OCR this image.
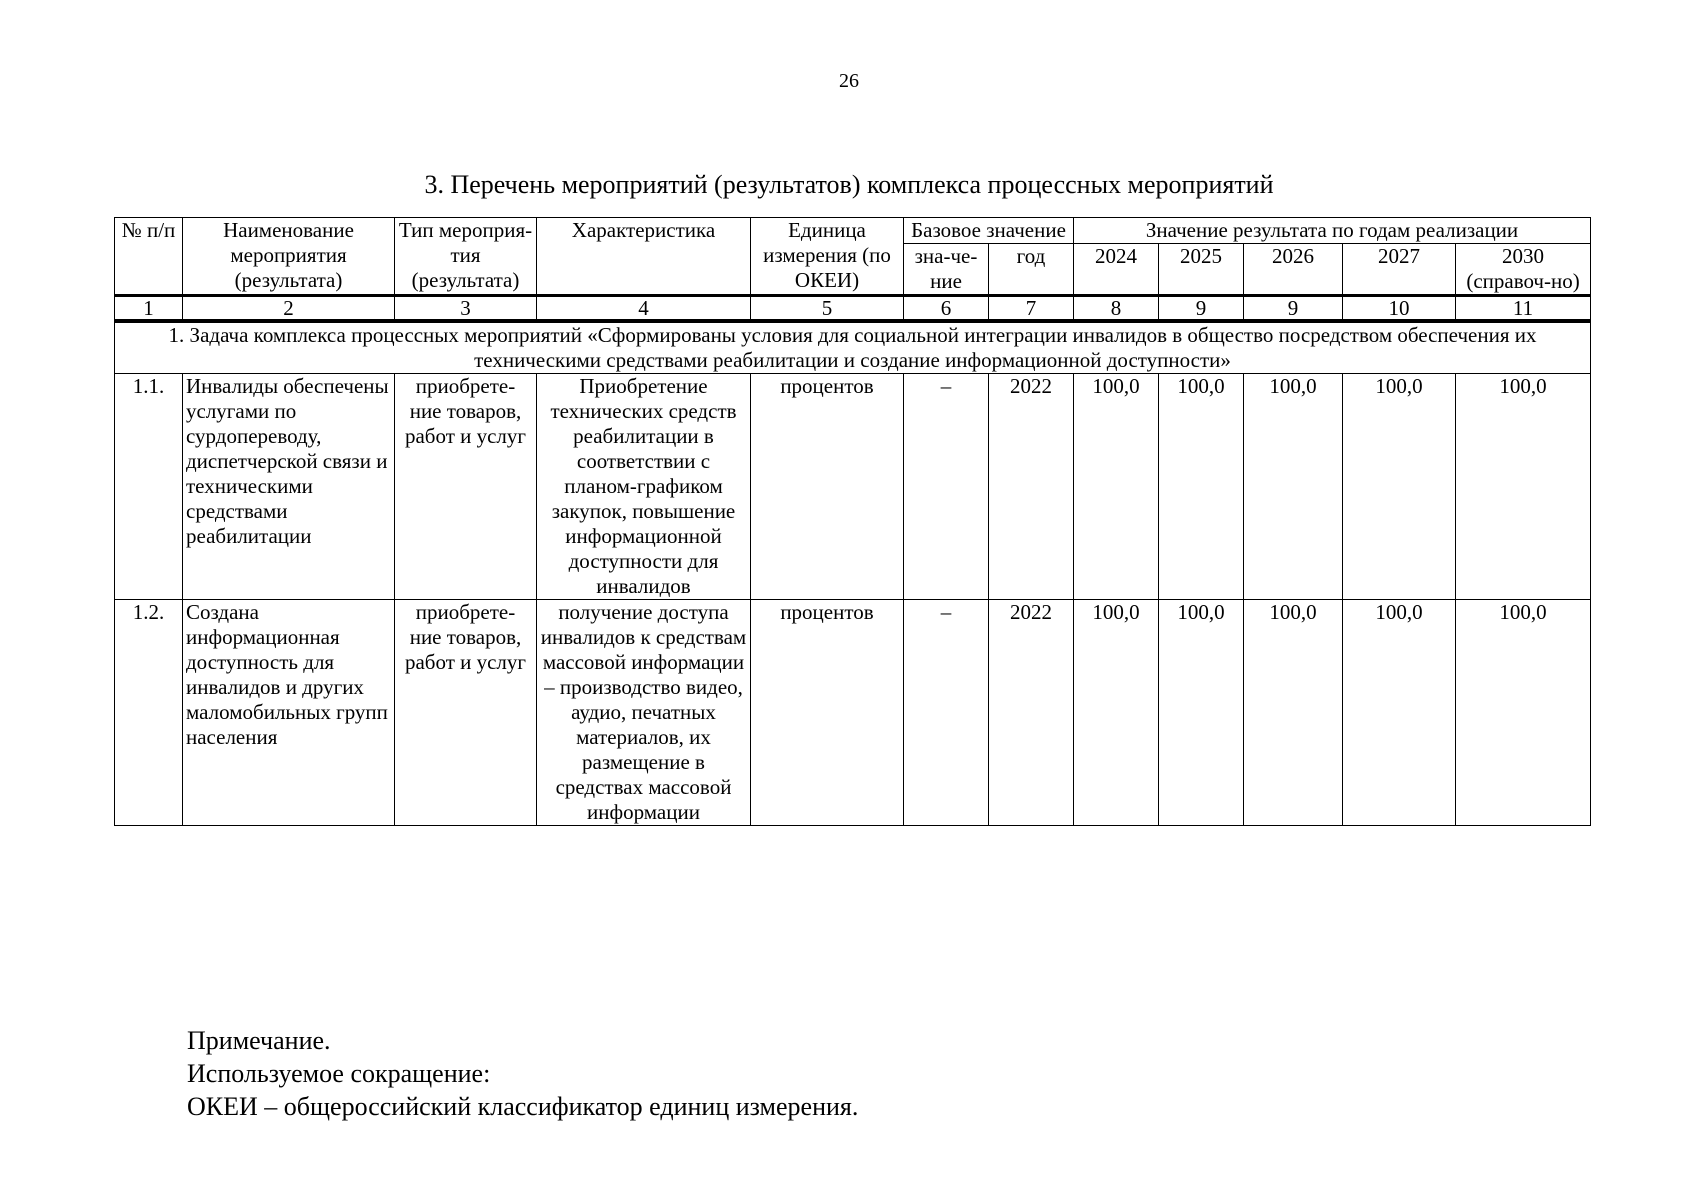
26
3. Перечень мероприятий (результатов) комплекса процессных мероприятий
№ п/п	Наименование мероприятия (результата)	Тип мероприя- тия (результата)	Характеристика	Единица измерения (по ОКЕИ)	Базовое значение		Значение результата по годам реализации				
					зна-че- ние	год	2024	2025	2026	2027	2030 (справоч-но)
1	2	3	4	5	6	7	8	9	9	10	11
1. Задача комплекса процессных мероприятий «Сформированы условия для социальной интеграции инвалидов в общество посредством обеспечения их техническими средствами реабилитации и создание информационной доступности»											
1.1.	Инвалиды обеспечены услугами по сурдопереводу, диспетчерской связи и техническими средствами реабилитации	приобрете- ние товаров, работ и услуг	Приобретение технических средств реабилитации в соответствии с планом-графиком закупок, повышение информационной доступности для инвалидов	процентов	–	2022	100,0	100,0	100,0	100,0	100,0
1.2.	Создана информационная доступность для инвалидов и других маломобильных групп населения	приобрете- ние товаров, работ и услуг	получение доступа инвалидов к средствам массовой информации – производство видео, аудио, печатных материалов, их размещение в средствах массовой информации	процентов	–	2022	100,0	100,0	100,0	100,0	100,0
Примечание.
Используемое сокращение:
ОКЕИ – общероссийский классификатор единиц измерения.
